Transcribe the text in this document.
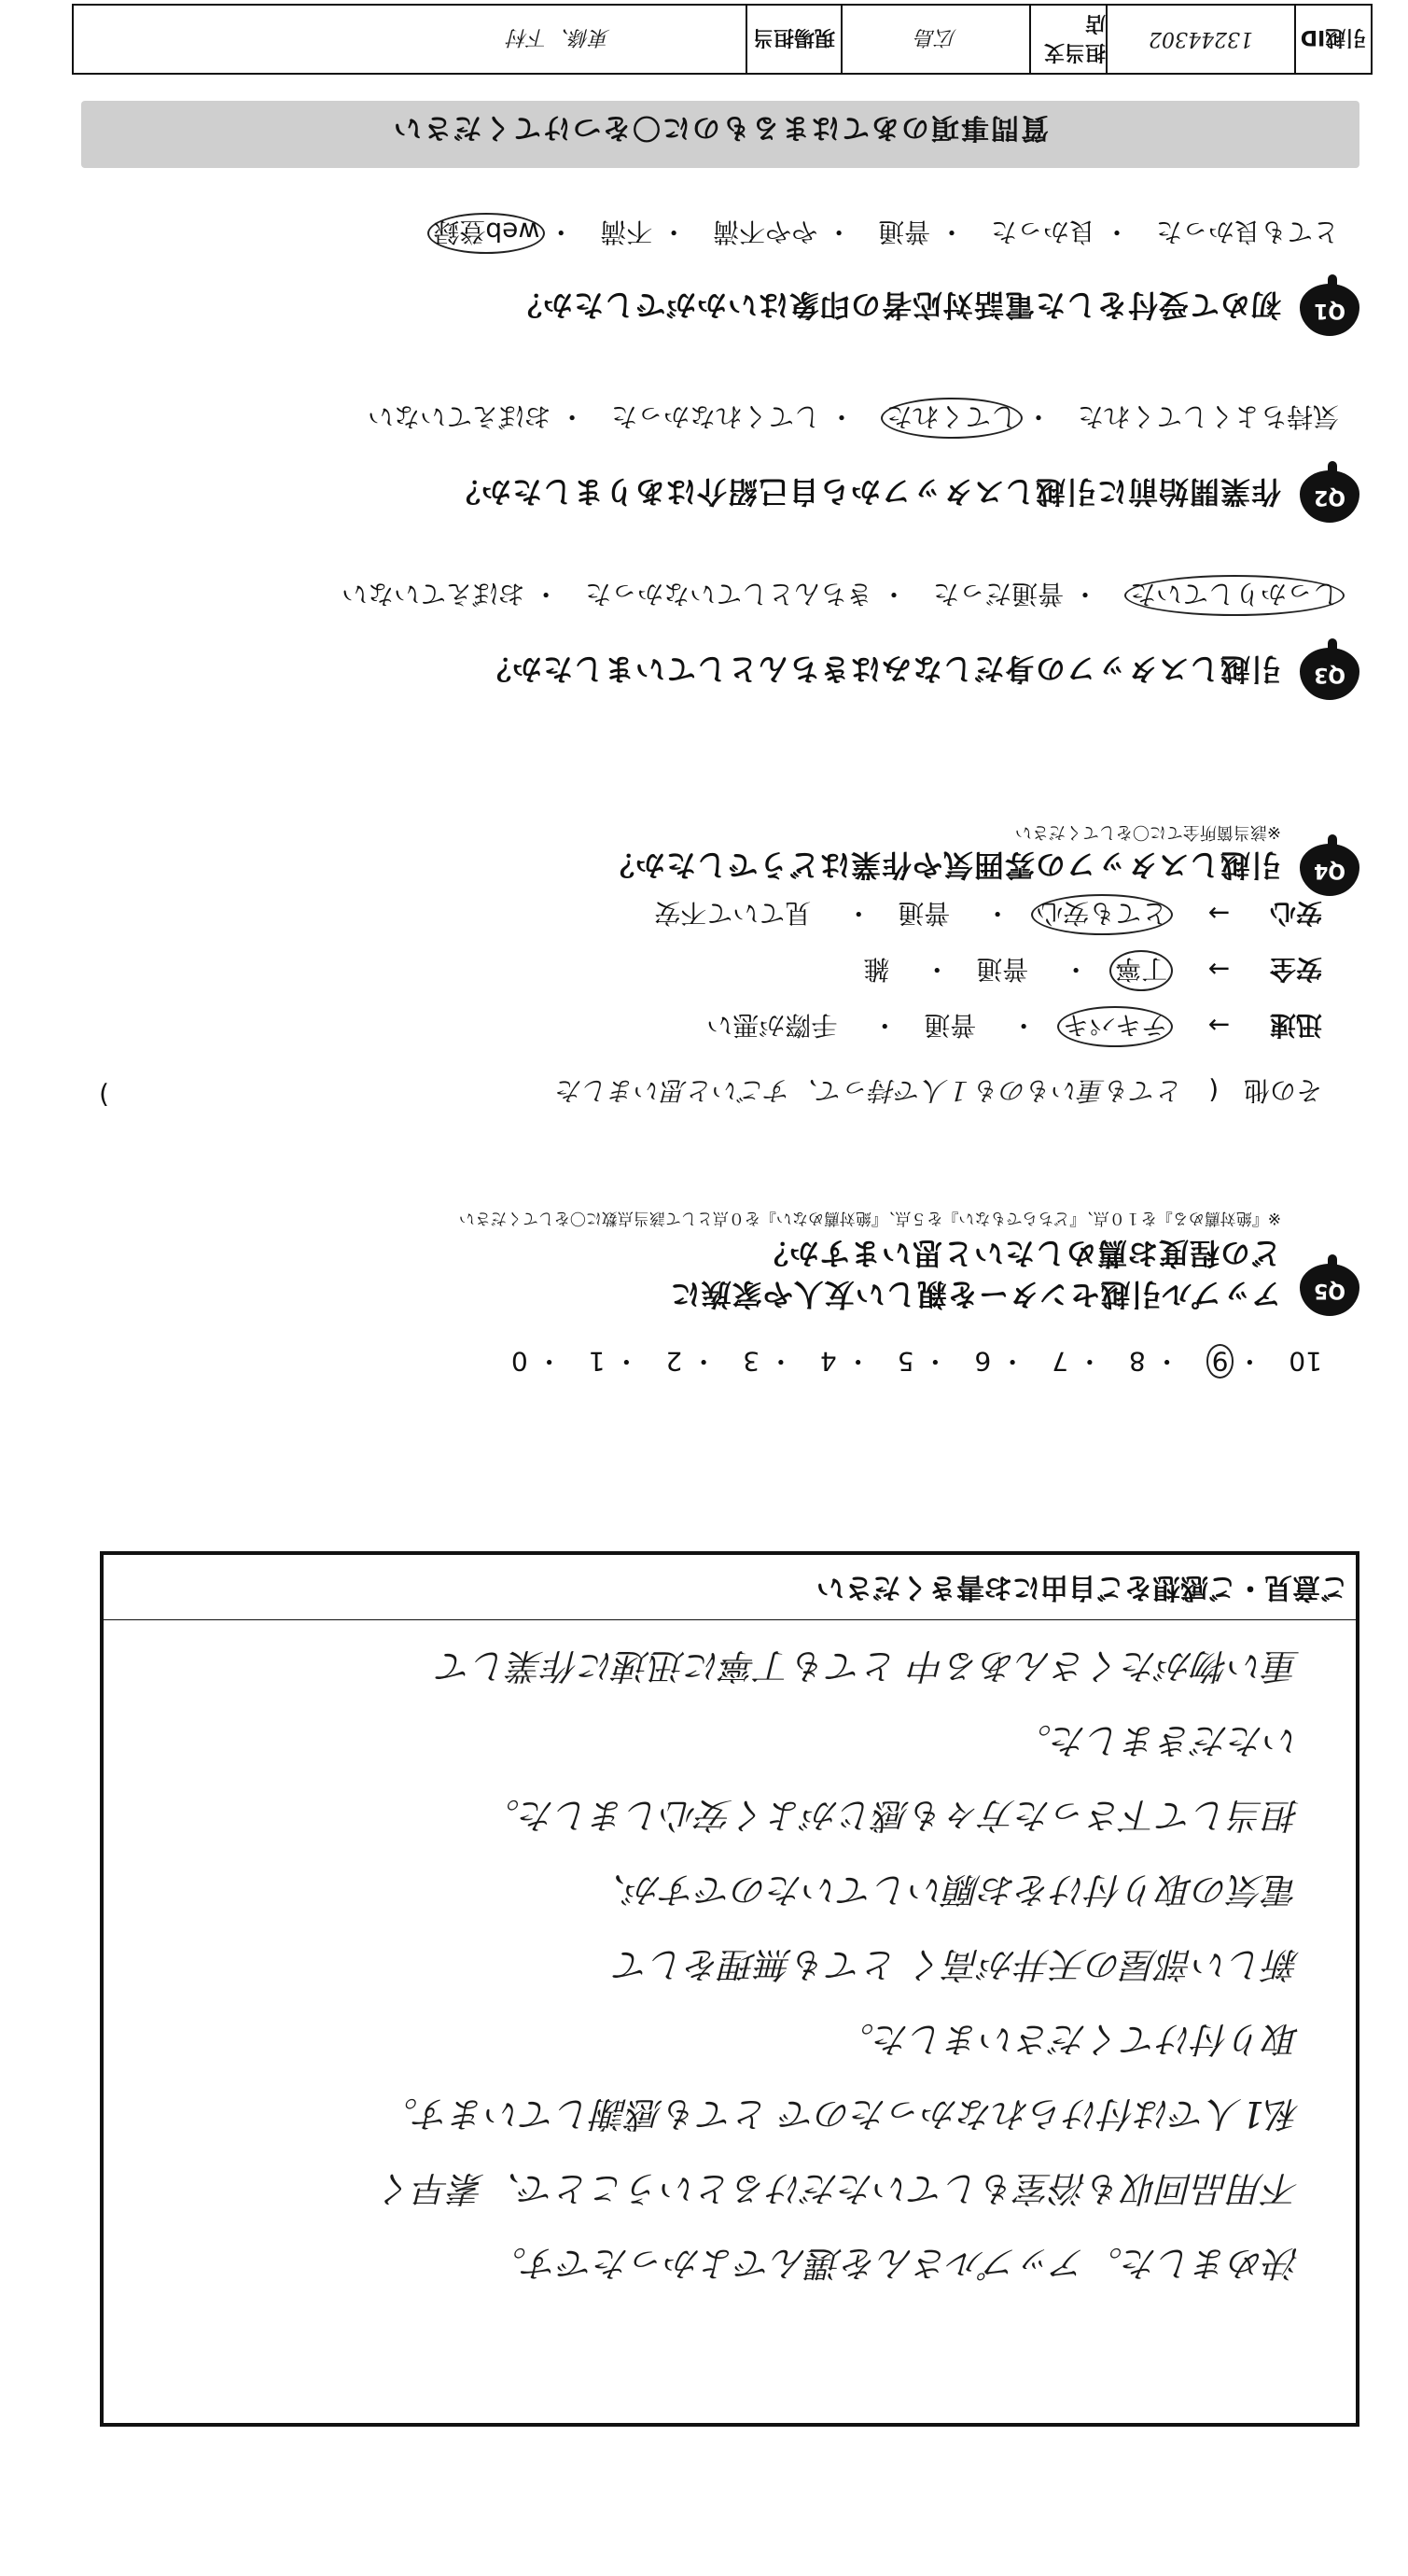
質問事項のあてはまるものに〇をつけてください
Q1
初めて受付をした電話対応者の印象はいかがでしたか？
とても良かった・ 良かった・ 普通・ やや不満・ 不満・ web登録
Q2
作業開始前に引越しスタッフから自己紹介はありましたか？
気持ちよくしてくれた・ してくれた・ してくれなかった・ おぼえていない
Q3
引越しスタッフの身だしなみはきちんとしていましたか？
しっかりしていた・ 普通だった・ きちんとしていなかった・ おぼえていない
Q4
引越しスタッフの雰囲気や作業はどうでしたか？
※該当箇所全てに〇をしてください
安心 → とても安心・ 普通・ 見ていて不安
安全 → 丁寧・ 普通・ 雑
迅速 → テキパキ・ 普通・ 手際が悪い
その他 ( とても重いものも１人で持って、すごいと思いました
)
Q5
アップル引越センターを親しい友人や家族に
どの程度お薦めしたいと思いますか？
※『絶対薦める』を１０点、『どちらでもない』を５点、『絶対薦めない』を０点として該当点数に〇をしてください
10・ 9・ 8・ 7・ 6・ 5・ 4・ 3・ 2・ 1・ 0
ご意見・ご感想をご自由にお書きください
重い物がたくさんある中 とても丁寧に迅速に作業して
いただきました。
担当して下さった方々も感じがよく安心しました。
電気の取り付けをお願いしていたのですが、
新しい部屋の天井が高く とても無理をして
取り付けてくださいました。
私1人では付けられなかったので とても感謝しています。
不用品回収も浴室もしていただけるということで、素早く
決めました。アップルさんを選んでよかったです。
引越ID
13244302
担当支店
広島
現場担当
東條、下村
